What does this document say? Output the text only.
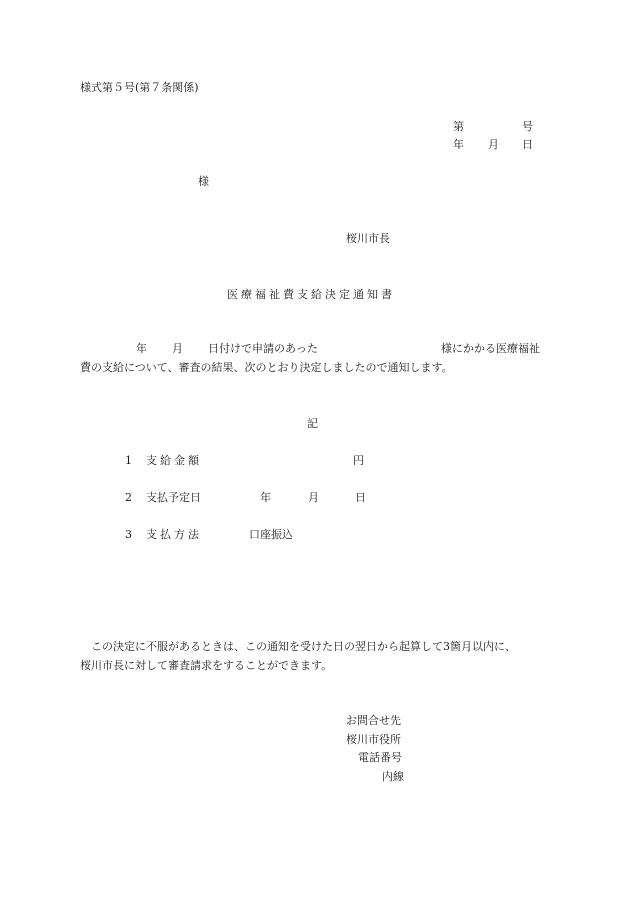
様式第５号(第７条関係)
第	号
年 月 日
様
桜川市長
医療福祉費支給決定通知書
年 月 日付けで申請のあった	様にかかる医療福祉
費の支給について、審査の結果、次のとおり決定しましたので通知します。
記
1 支給金額	円
2 支払予定日	年	月	日
3 支払方法	口座振込
この決定に不服があるときは、この通知を受けた日の翌日から起算して3箇月以内に、
桜川市長に対して審査請求をすることができます。
お問合せ先
桜川市役所
電話番号
内線
